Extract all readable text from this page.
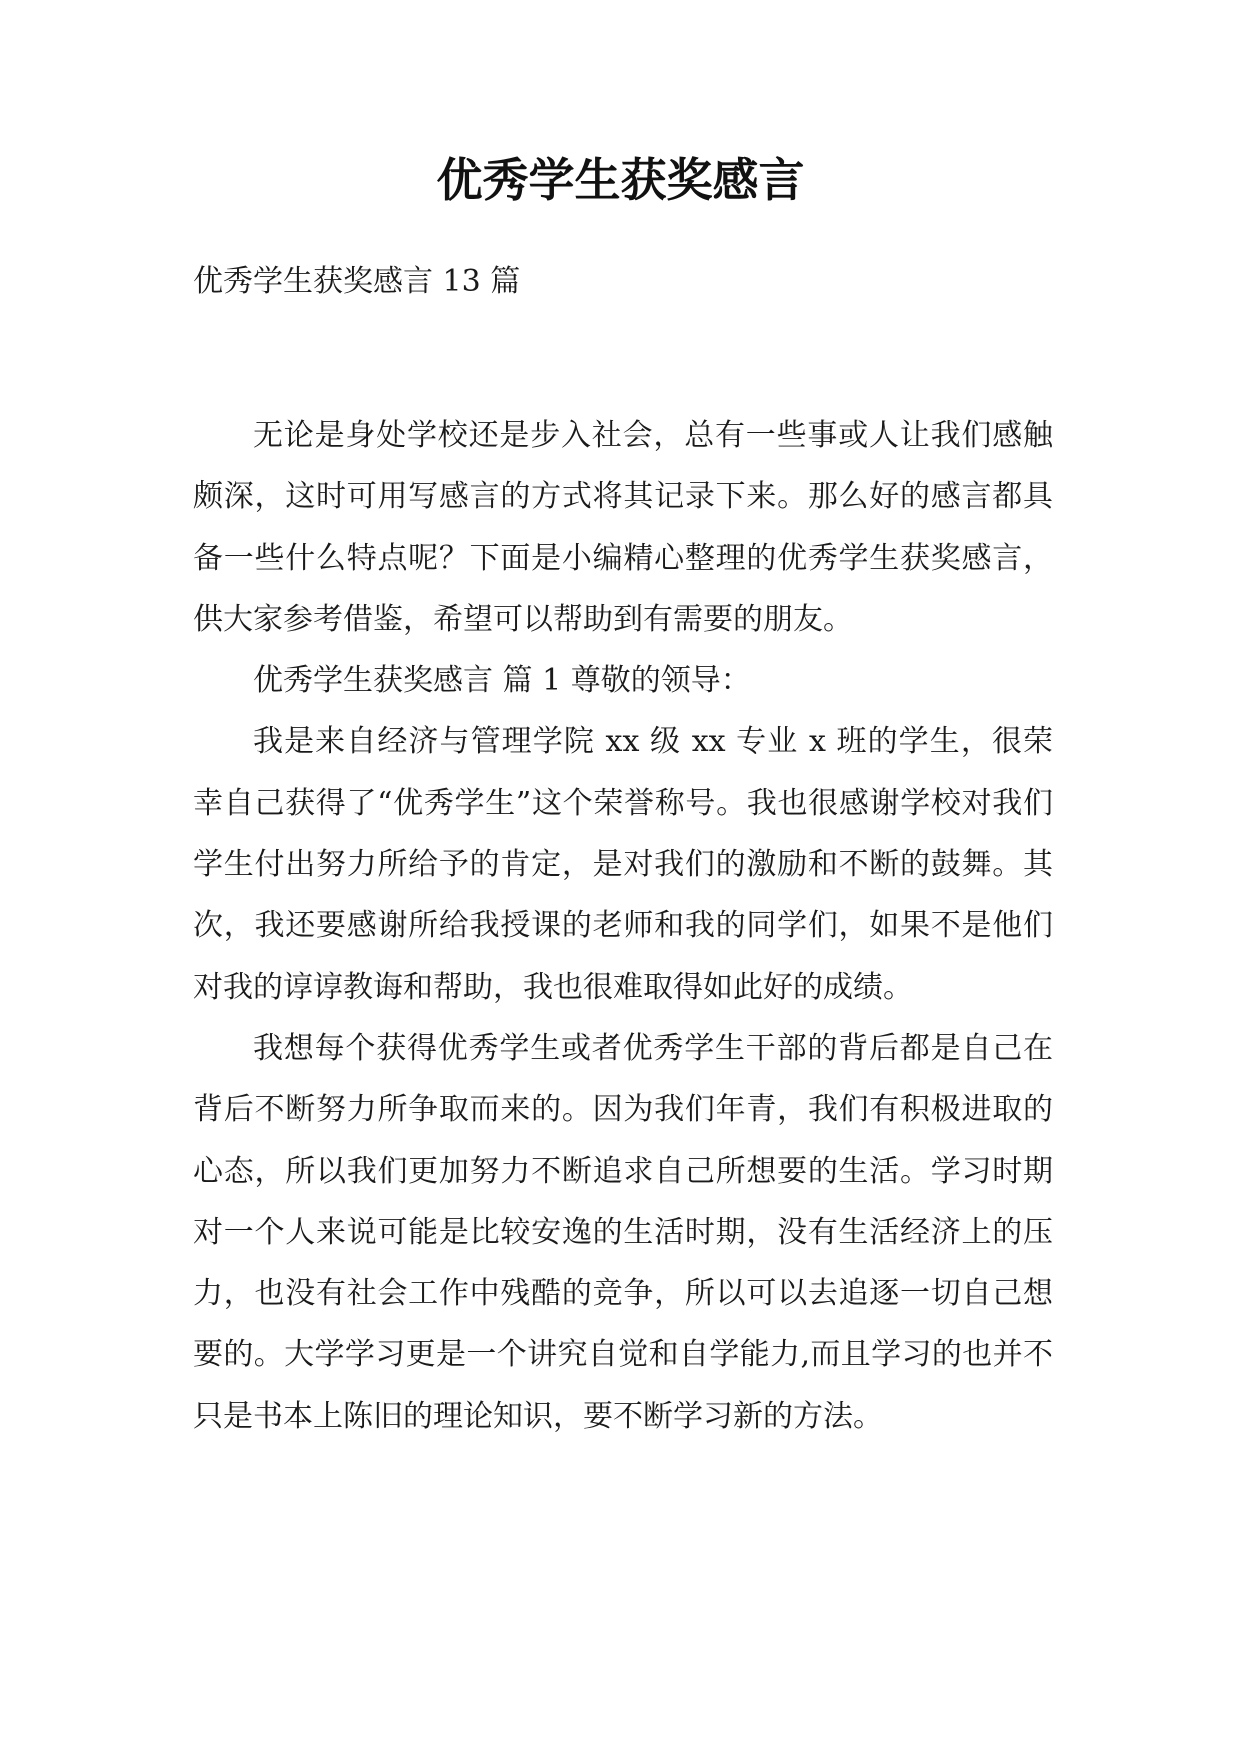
优秀学生获奖感言
优秀学生获奖感言 13 篇

无论是身处学校还是步入社会，总有一些事或人让我们感触颇深，这时可用写感言的方式将其记录下来。那么好的感言都具备一些什么特点呢？下面是小编精心整理的优秀学生获奖感言，供大家参考借鉴，希望可以帮助到有需要的朋友。

优秀学生获奖感言 篇 1 尊敬的领导：

我是来自经济与管理学院 xx 级 xx 专业 x 班的学生，很荣幸自己获得了“优秀学生”这个荣誉称号。我也很感谢学校对我们学生付出努力所给予的肯定，是对我们的激励和不断的鼓舞。其次，我还要感谢所给我授课的老师和我的同学们，如果不是他们对我的谆谆教诲和帮助，我也很难取得如此好的成绩。

我想每个获得优秀学生或者优秀学生干部的背后都是自己在背后不断努力所争取而来的。因为我们年青，我们有积极进取的心态，所以我们更加努力不断追求自己所想要的生活。学习时期对一个人来说可能是比较安逸的生活时期，没有生活经济上的压力，也没有社会工作中残酷的竞争，所以可以去追逐一切自己想要的。大学学习更是一个讲究自觉和自学能力,而且学习的也并不只是书本上陈旧的理论知识，要不断学习新的方法。
